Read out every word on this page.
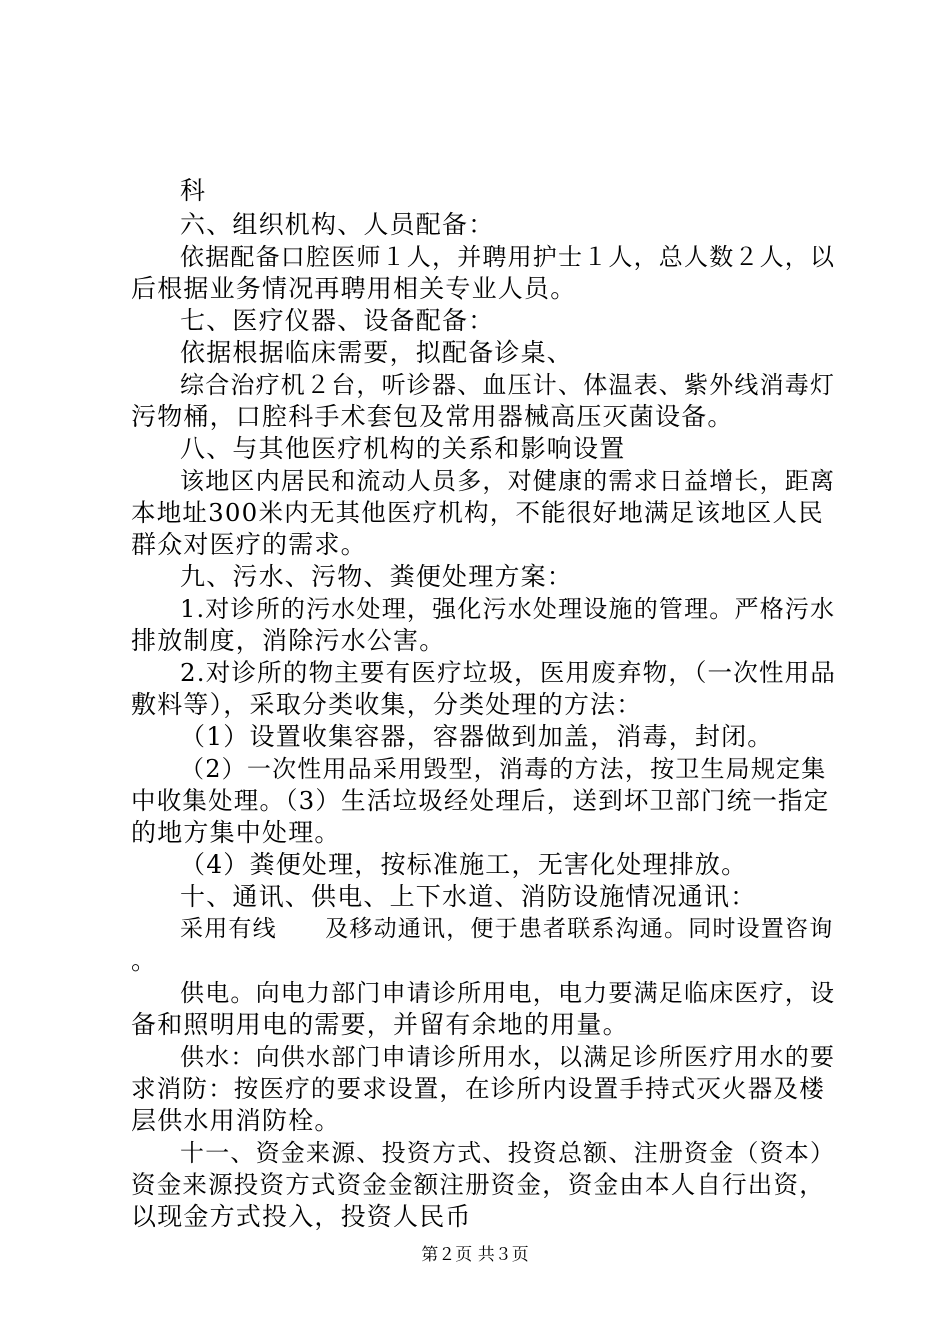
科
六、组织机构、人员配备：
依据配备口腔医师１人，并聘用护士１人，总人数２人，以
后根据业务情况再聘用相关专业人员。
七、医疗仪器、设备配备：
依据根据临床需要，拟配备诊桌、
综合治疗机２台，听诊器、血压计、体温表、紫外线消毒灯
污物桶，口腔科手术套包及常用器械高压灭菌设备。
八、与其他医疗机构的关系和影响设置
该地区内居民和流动人员多，对健康的需求日益增长，距离
本地址300米内无其他医疗机构，不能很好地满足该地区人民
群众对医疗的需求。
九、污水、污物、粪便处理方案：
1.对诊所的污水处理，强化污水处理设施的管理。严格污水
排放制度，消除污水公害。
2.对诊所的物主要有医疗垃圾，医用废弃物，（一次性用品
敷料等），采取分类收集，分类处理的方法：
（1）设置收集容器，容器做到加盖，消毒，封闭。
（2）一次性用品采用毁型，消毒的方法，按卫生局规定集
中收集处理。（3）生活垃圾经处理后，送到坏卫部门统一指定
的地方集中处理。
（4）粪便处理，按标准施工，无害化处理排放。
十、通讯、供电、上下水道、消防设施情况通讯：
采用有线　　及移动通讯，便于患者联系沟通。同时设置咨询
。
供电。向电力部门申请诊所用电，电力要满足临床医疗，设
备和照明用电的需要，并留有余地的用量。
供水：向供水部门申请诊所用水，以满足诊所医疗用水的要
求消防：按医疗的要求设置，在诊所内设置手持式灭火器及楼
层供水用消防栓。
十一、资金来源、投资方式、投资总额、注册资金（资本）
资金来源投资方式资金金额注册资金，资金由本人自行出资，
以现金方式投入，投资人民币
第２页 共３页
